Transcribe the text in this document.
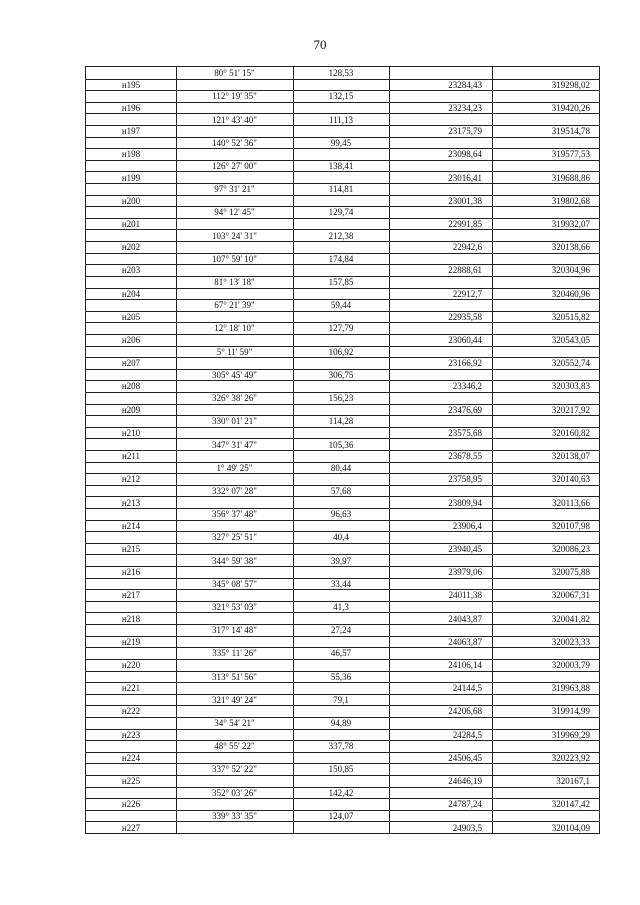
70
80° 51' 15"	128,53
н195	23284,43	319298,02
112° 19' 35"	132,15
н196	23234,23	319420,26
121° 43' 40"	111,13
н197	23175,79	319514,78
140° 52' 36"	99,45
н198	23098,64	319577,53
126° 27' 00"	138,41
н199	23016,41	319688,86
97° 31' 21"	114,81
н200	23001,38	319802,68
94° 12' 45"	129,74
н201	22991,85	319932,07
103° 24' 31"	212,38
н202	22942,6	320138,66
107° 59' 10"	174,84
н203	22888,61	320304,96
81° 13' 18"	157,85
н204	22912,7	320460,96
67° 21' 39"	59,44
н205	22935,58	320515,82
12° 18' 10"	127,79
н206	23060,44	320543,05
5° 11' 59"	106,92
н207	23166,92	320552,74
305° 45' 49"	306,75
н208	23346,2	320303,83
326° 38' 26"	156,23
н209	23476,69	320217,92
330° 01' 21"	114,28
н210	23575,68	320160,82
347° 31' 47"	105,36
н211	23678,55	320138,07
1° 49' 25"	80,44
н212	23758,95	320140,63
332° 07' 28"	57,68
н213	23809,94	320113,66
356° 37' 48"	96,63
н214	23906,4	320107,98
327° 25' 51"	40,4
н215	23940,45	320086,23
344° 59' 38"	39,97
н216	23979,06	320075,88
345° 08' 57"	33,44
н217	24011,38	320067,31
321° 53' 03"	41,3
н218	24043,87	320041,82
317° 14' 48"	27,24
н219	24063,87	320023,33
335° 11' 26"	46,57
н220	24106,14	320003,79
313° 51' 56"	55,36
н221	24144,5	319963,88
321° 49' 24"	79,1
н222	24206,68	319914,99
34° 54' 21"	94,89
н223	24284,5	319969,29
48° 55' 22"	337,78
н224	24506,45	320223,92
337° 52' 22"	150,85
н225	24646,19	320167,1
352° 03' 26"	142,42
н226	24787,24	320147,42
339° 33' 35"	124,07
н227	24903,5	320104,09
